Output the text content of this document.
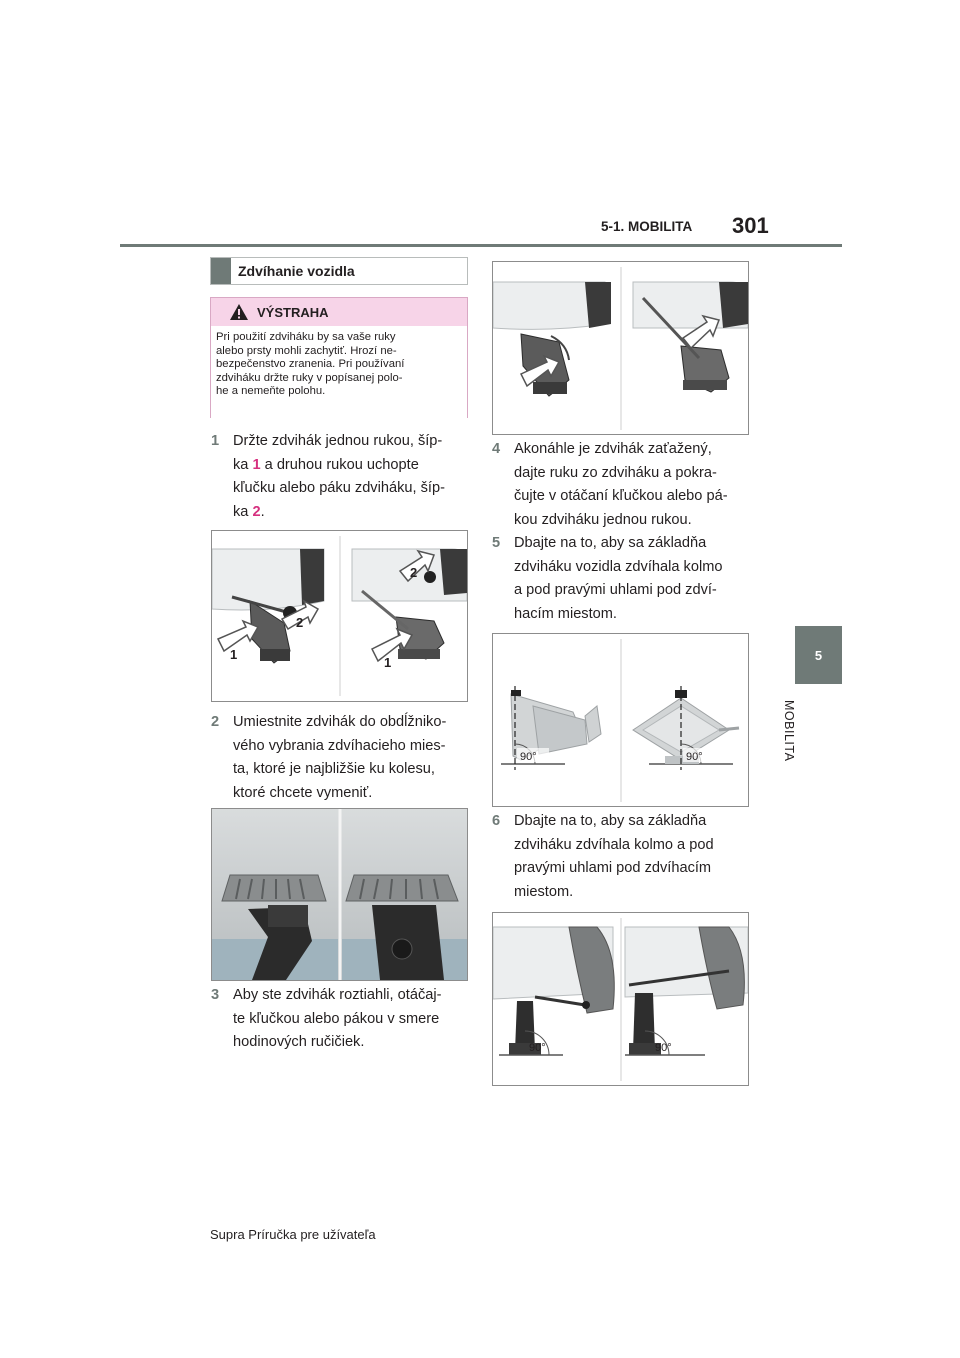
5-1. MOBILITA 301
5
MOBILITA
Zdvíhanie vozidla
VÝSTRAHA
Pri použití zdviháku by sa vaše ruky
alebo prsty mohli zachytiť. Hrozí ne-
bezpečenstvo zranenia. Pri používaní
zdviháku držte ruky v popísanej polo-
he a nemeňte polohu.
1 Držte zdvihák jednou rukou, šíp-
ka 1 a druhou rukou uchopte
kľučku alebo páku zdviháku, šíp-
ka 2.
1
2
1
2
2 Umiestnite zdvihák do obdĺžniko-
vého vybrania zdvíhacieho mies-
ta, ktoré je najbližšie ku kolesu,
ktoré chcete vymeniť.
3 Aby ste zdvihák roztiahli, otáčaj-
te kľučkou alebo pákou v smere
hodinových ručičiek.
4 Akonáhle je zdvihák zaťažený,
dajte ruku zo zdviháku a pokra-
čujte v otáčaní kľučkou alebo pá-
kou zdviháku jednou rukou.
5 Dbajte na to, aby sa základňa
zdviháku vozidla zdvíhala kolmo
a pod pravými uhlami pod zdví-
hacím miestom.
90°	90°
6 Dbajte na to, aby sa základňa
zdviháku zdvíhala kolmo a pod
pravými uhlami pod zdvíhacím
miestom.
90°	90°
Supra Príručka pre užívateľa
